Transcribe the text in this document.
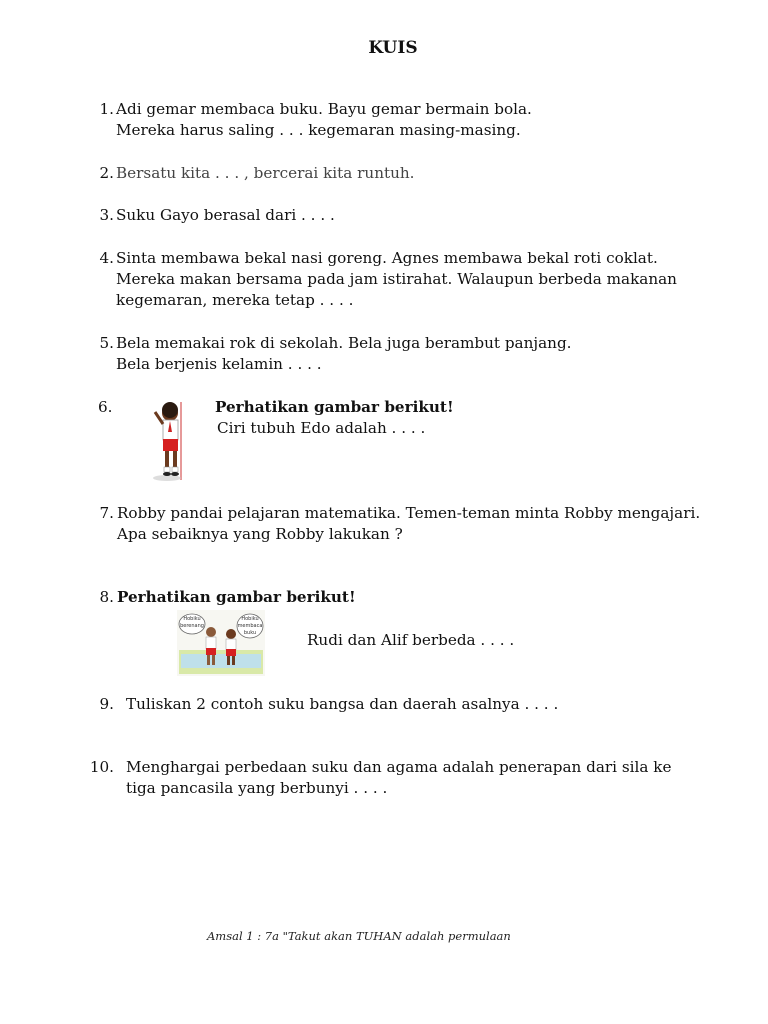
KUIS
1. Adi gemar membaca buku. Bayu gemar bermain bola.
Mereka harus saling . . . kegemaran masing-masing.
2. Bersatu kita . . . , bercerai kita runtuh.
3. Suku Gayo berasal dari . . . .
4. Sinta membawa bekal nasi goreng. Agnes membawa bekal roti coklat.
Mereka makan bersama pada jam istirahat. Walaupun berbeda makanan
kegemaran, mereka tetap . . . .
5. Bela memakai rok di sekolah. Bela juga berambut panjang.
Bela berjenis kelamin . . . .
6.	Perhatikan gambar berikut!
Ciri tubuh Edo adalah . . . .
7. Robby pandai pelajaran matematika. Temen-teman minta Robby mengajari.
Apa sebaiknya yang Robby lakukan ?
8. Perhatikan gambar berikut!
Hobiku
berenang
Hobiku
membaca
buku	Rudi dan Alif berbeda . . . .
9. Tuliskan 2 contoh suku bangsa dan daerah asalnya . . . .
10. Menghargai perbedaan suku dan agama adalah penerapan dari sila ke
tiga pancasila yang berbunyi . . . .
Amsal 1 : 7a "Takut akan TUHAN adalah permulaan
